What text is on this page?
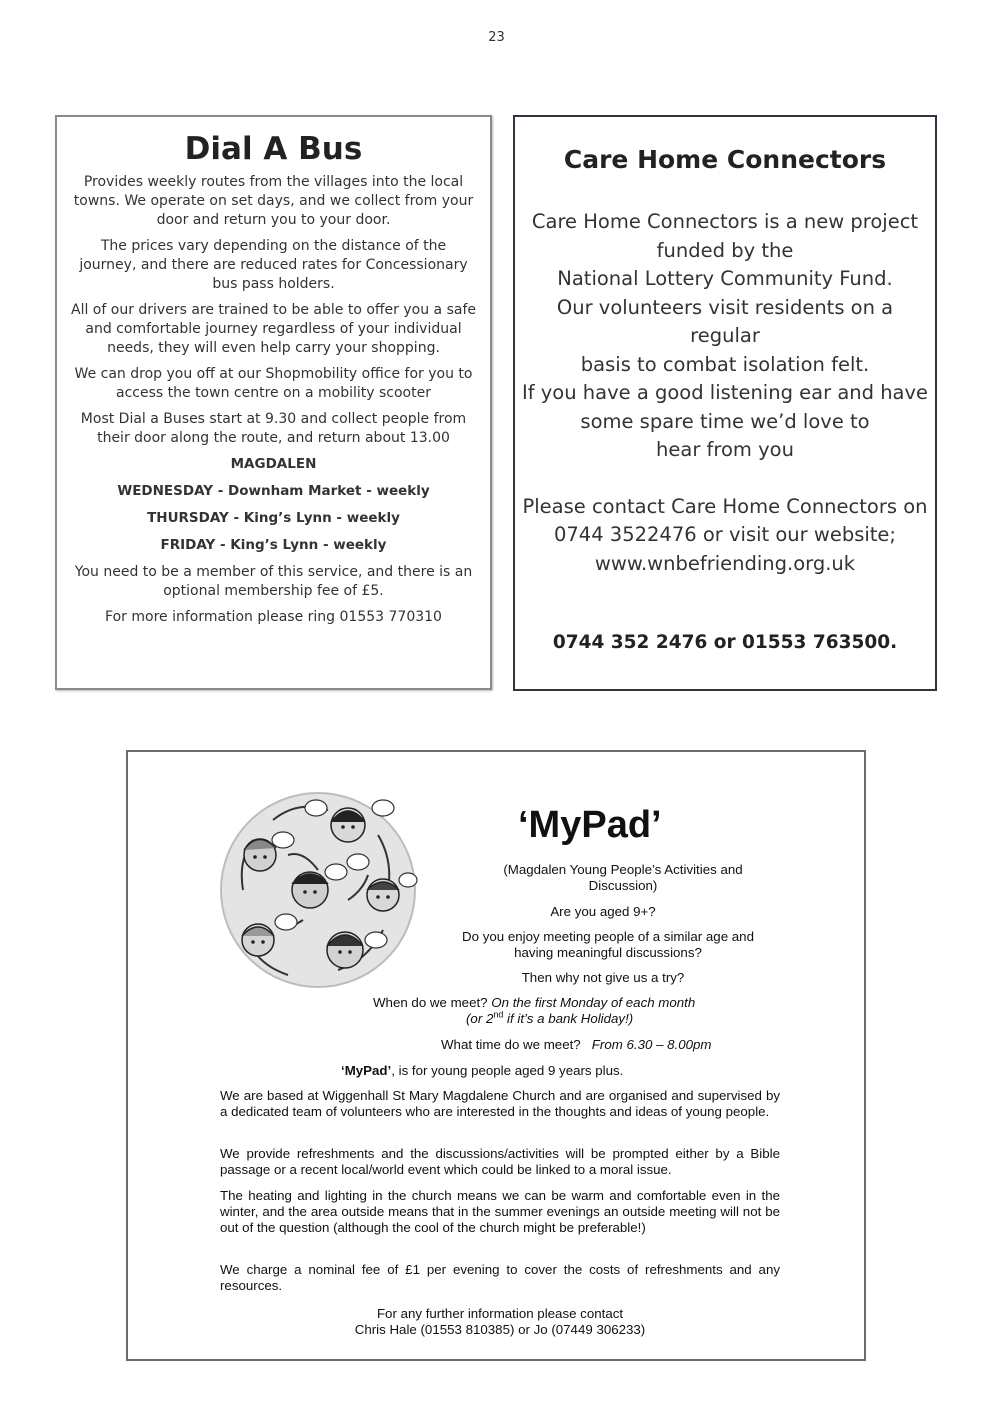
23
Dial A Bus

Provides weekly routes from the villages into the local towns. We operate on set days, and we collect from your door and return you to your door.

The prices vary depending on the distance of the journey, and there are reduced rates for Concessionary bus pass holders.

All of our drivers are trained to be able to offer you a safe and comfortable journey regardless of your individual needs, they will even help carry your shopping.

We can drop you off at our Shopmobility office for you to access the town centre on a mobility scooter

Most Dial a Buses start at 9.30 and collect people from their door along the route, and return about 13.00

MAGDALEN

WEDNESDAY - Downham Market - weekly

THURSDAY - King’s Lynn - weekly

FRIDAY - King’s Lynn - weekly

You need to be a member of this service, and there is an optional membership fee of £5.

For more information please ring 01553 770310

Care Home Connectors

Care Home Connectors is a new project
funded by the
National Lottery Community Fund.
Our volunteers visit residents on a regular
basis to combat isolation felt.
If you have a good listening ear and have
some spare time we’d love to
hear from you

Please contact Care Home Connectors on
0744 3522476 or visit our website;
www.wnbefriending.org.uk

0744 352 2476 or 01553 763500.

‘MyPad’
(Magdalen Young People’s Activities and
Discussion)
Are you aged 9+?
Do you enjoy meeting people of a similar age and
having meaningful discussions?
Then why not give us a try?
When do we meet? On the first Monday of each month
(or 2nd if it’s a bank Holiday!)
What time do we meet? From 6.30 – 8.00pm
‘MyPad’, is for young people aged 9 years plus.
We are based at Wiggenhall St Mary Magdalene Church and are organised and supervised by a dedicated team of volunteers who are interested in the thoughts and ideas of young people.
We provide refreshments and the discussions/activities will be prompted either by a Bible passage or a recent local/world event which could be linked to a moral issue.
The heating and lighting in the church means we can be warm and comfortable even in the winter, and the area outside means that in the summer evenings an outside meeting will not be out of the question (although the cool of the church might be preferable!)
We charge a nominal fee of £1 per evening to cover the costs of refreshments and any resources.
For any further information please contact
Chris Hale (01553 810385) or Jo (07449 306233)
